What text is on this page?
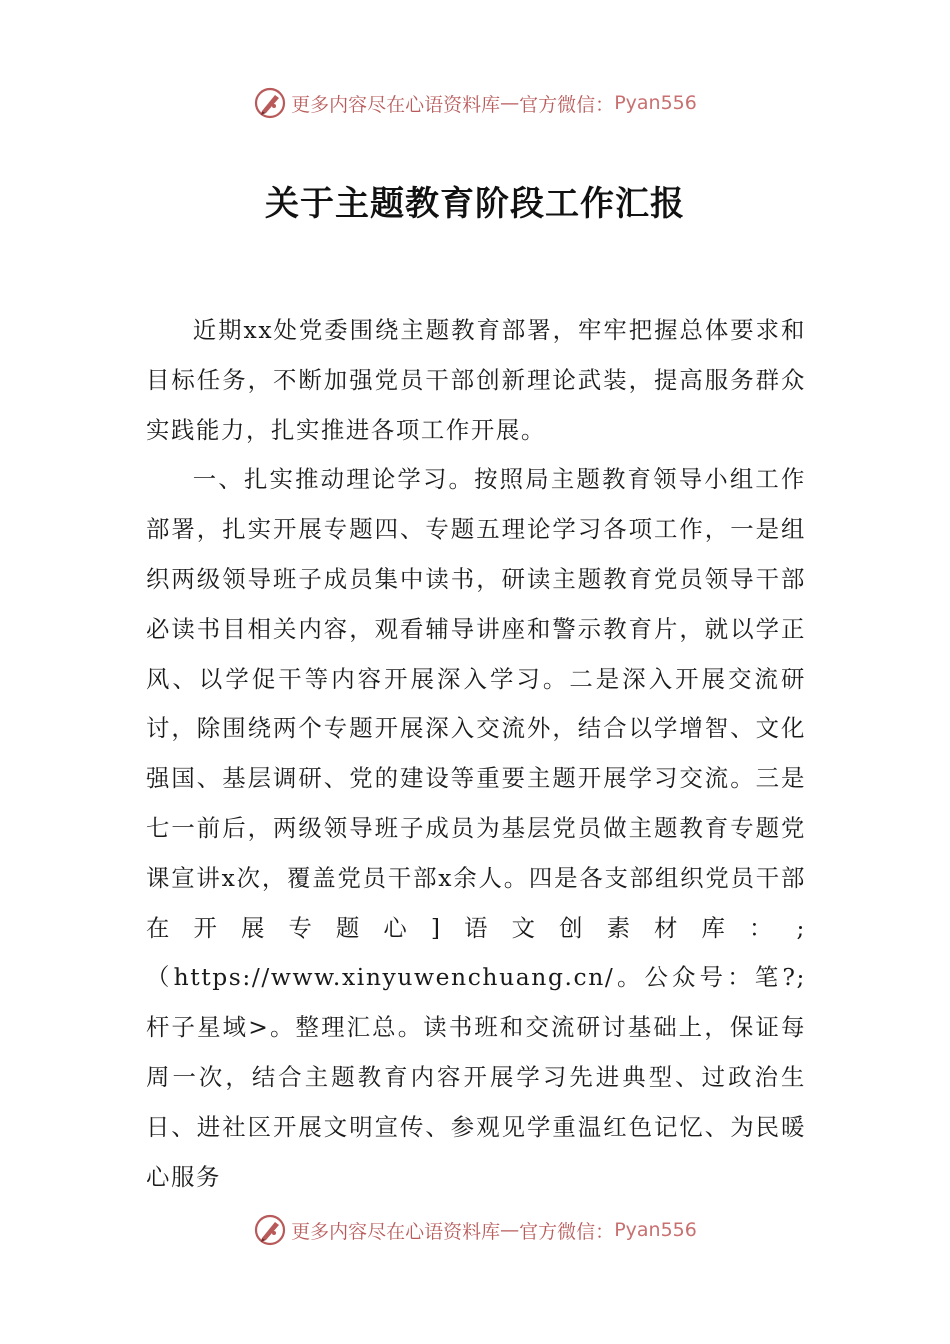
更多内容尽在心语资料库 — 官方微信： Pyan556
关于主题教育阶段工作汇报

近期xx处党委围绕主题教育部署，牢牢把握总体要求和目标任务，不断加强党员干部创新理论武装，提高服务群众实践能力，扎实推进各项工作开展。

一、扎实推动理论学习。按照局主题教育领导小组工作部署，扎实开展专题四、专题五理论学习各项工作，一是组织两级领导班子成员集中读书，研读主题教育党员领导干部必读书目相关内容，观看辅导讲座和警示教育片，就以学正风、以学促干等内容开展深入学习。二是深入开展交流研讨，除围绕两个专题开展深入交流外，结合以学增智、文化强国、基层调研、党的建设等重要主题开展学习交流。三是七一前后，两级领导班子成员为基层党员做主题教育专题党课宣讲x次，覆盖党员干部x余人。四是各支部组织党员干部在开展专题心]语文创素材库：;（https://www.xinyuwenchuang.cn/。公众号：笔?;杆子星域>。整理汇总。读书班和交流研讨基础上，保证每周一次，结合主题教育内容开展学习先进典型、过政治生日、进社区开展文明宣传、参观见学重温红色记忆、为民暖心服务

更多内容尽在心语资料库 — 官方微信： Pyan556
